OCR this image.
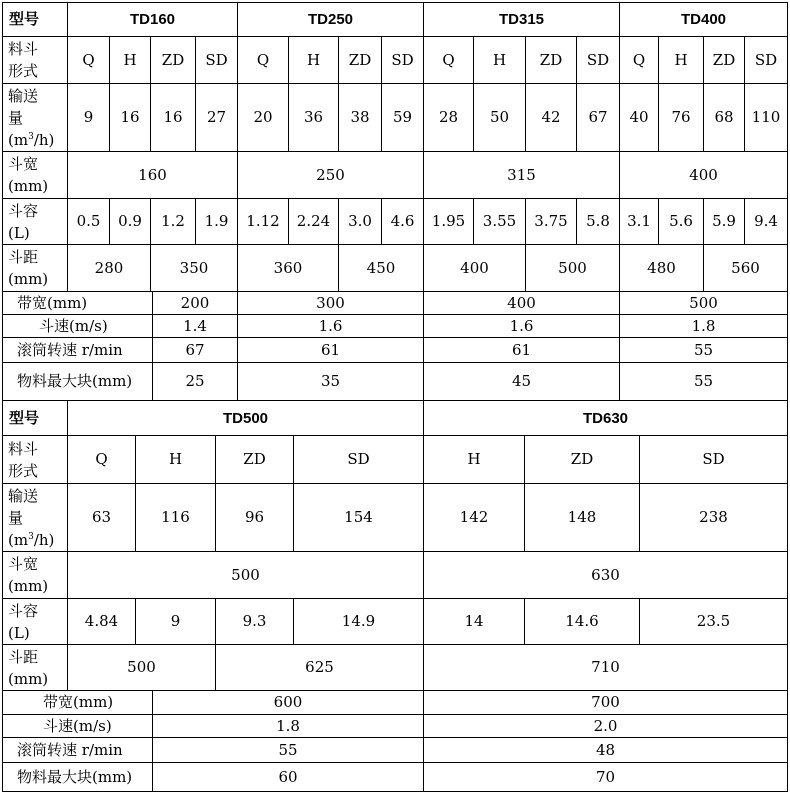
型号	TD160	TD250	TD315	TD400
料斗
形式
Q	H	ZD	SD	Q	H	ZD	SD	Q	H	ZD	SD	Q	H	ZD	SD
输送
量
$(m^3/h)$
9	16	16	27	20	36	38	59	28	50	42	67	40	76	68	110
斗宽
(mm)
160	250	315	400
斗容
(L)
0.5	0.9	1.2	1.9	1.12	2.24	3.0	4.6	1.95	3.55	3.75	5.8	3.1	5.6	5.9	9.4
斗距
(mm)
280	350	360	450	400	500	480	560
带宽(mm)	200	300	400	500
斗速(m/s)	1.4	1.6	1.6	1.8
滚筒转速 r/min	67	61	61	55
物料最大块(mm)	25	35	45	55
型号	TD500	TD630
料斗
形式
Q	H	ZD	SD	H	ZD	SD
输送
量
$(m^3/h)$
63	116	96	154	142	148	238
斗宽
(mm)
500	630
斗容
(L)
4.84	9	9.3	14.9	14	14.6	23.5
斗距
(mm)
500	625	710
带宽(mm)	600	700
斗速(m/s)	1.8	2.0
滚筒转速 r/min	55	48
物料最大块(mm)	60	70
